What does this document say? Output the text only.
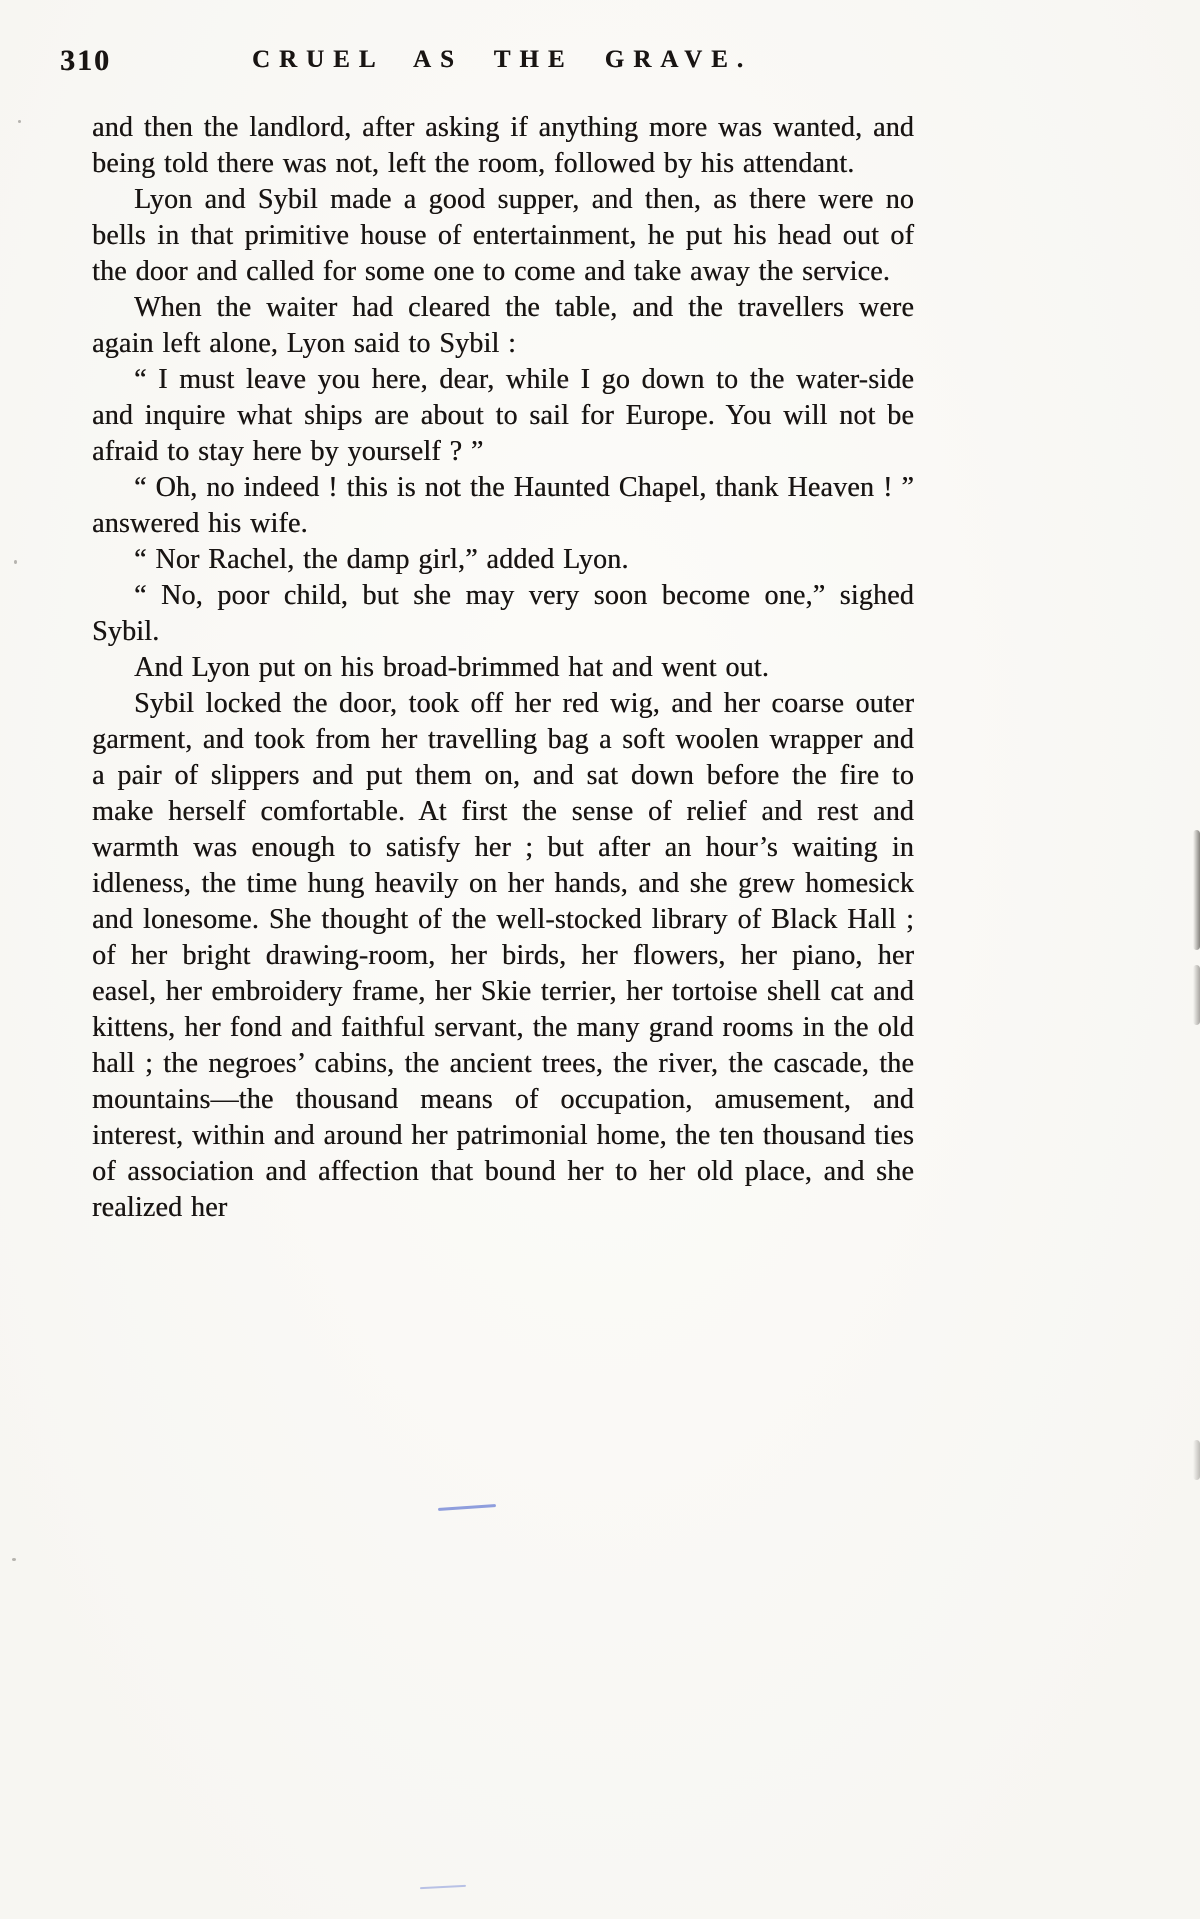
310	CRUEL AS THE GRAVE.

and then the landlord, after asking if anything more was wanted, and being told there was not, left the room, followed by his attendant.

Lyon and Sybil made a good supper, and then, as there were no bells in that primitive house of entertainment, he put his head out of the door and called for some one to come and take away the service.

When the waiter had cleared the table, and the travellers were again left alone, Lyon said to Sybil :

“ I must leave you here, dear, while I go down to the water-side and inquire what ships are about to sail for Europe. You will not be afraid to stay here by yourself ? ”

“ Oh, no indeed ! this is not the Haunted Chapel, thank Heaven ! ” answered his wife.

“ Nor Rachel, the damp girl,” added Lyon.

“ No, poor child, but she may very soon become one,” sighed Sybil.

And Lyon put on his broad-brimmed hat and went out.

Sybil locked the door, took off her red wig, and her coarse outer garment, and took from her travelling bag a soft woolen wrapper and a pair of slippers and put them on, and sat down before the fire to make herself comfortable. At first the sense of relief and rest and warmth was enough to satisfy her ; but after an hour’s waiting in idleness, the time hung heavily on her hands, and she grew homesick and lonesome. She thought of the well-stocked library of Black Hall ; of her bright drawing-room, her birds, her flowers, her piano, her easel, her embroidery frame, her Skie terrier, her tortoise shell cat and kittens, her fond and faithful servant, the many grand rooms in the old hall ; the negroes’ cabins, the ancient trees, the river, the cascade, the mountains—the thousand means of occupation, amusement, and interest, within and around her patrimonial home, the ten thousand ties of association and affection that bound her to her old place, and she realized her
